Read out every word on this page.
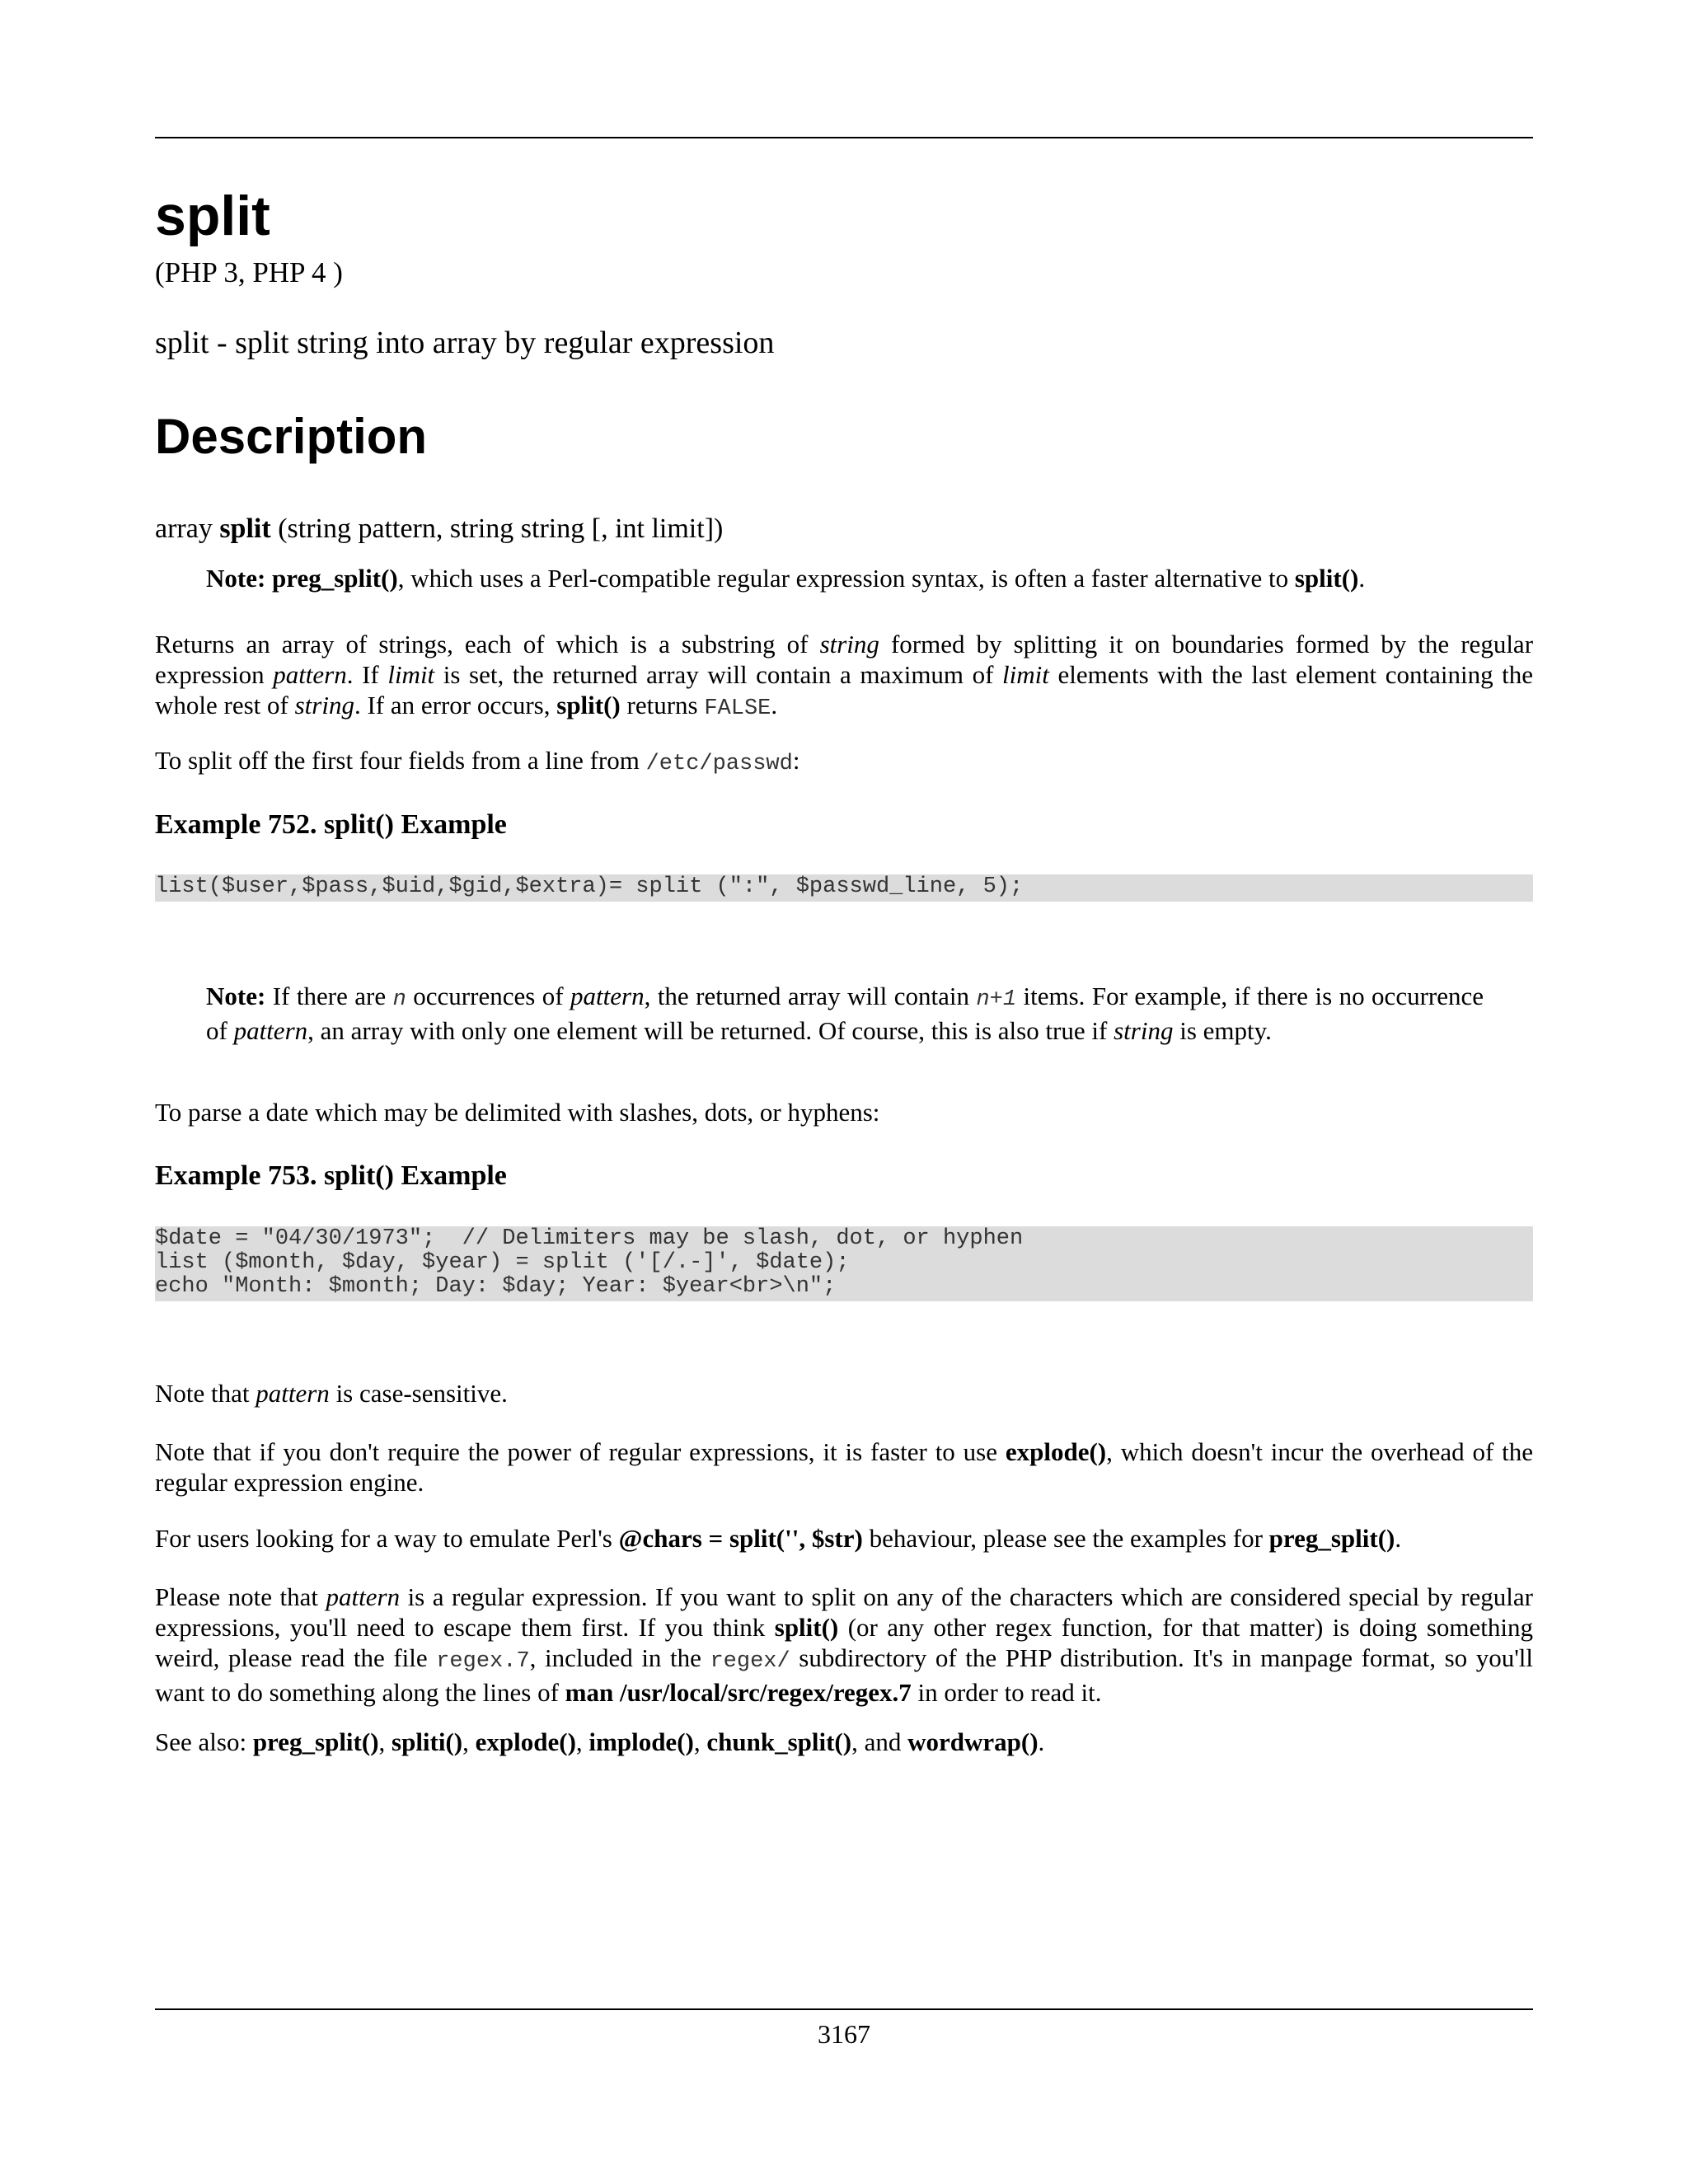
split
(PHP 3, PHP 4 )
split - split string into array by regular expression
Description
array split (string pattern, string string [, int limit])
Note: preg_split(), which uses a Perl-compatible regular expression syntax, is often a faster alternative to split().
Returns an array of strings, each of which is a substring of string formed by splitting it on boundaries formed by the regular expression pattern. If limit is set, the returned array will contain a maximum of limit elements with the last element containing the whole rest of string. If an error occurs, split() returns FALSE.
To split off the first four fields from a line from /etc/passwd:
Example 752. split() Example
list($user,$pass,$uid,$gid,$extra)= split (":", $passwd_line, 5);
Note: If there are n occurrences of pattern, the returned array will contain n+1 items. For example, if there is no occurrence of pattern, an array with only one element will be returned. Of course, this is also true if string is empty.
To parse a date which may be delimited with slashes, dots, or hyphens:
Example 753. split() Example
$date = "04/30/1973";  // Delimiters may be slash, dot, or hyphen
list ($month, $day, $year) = split ('[/.-]', $date);
echo "Month: $month; Day: $day; Year: $year<br>\n";
Note that pattern is case-sensitive.
Note that if you don't require the power of regular expressions, it is faster to use explode(), which doesn't incur the overhead of the regular expression engine.
For users looking for a way to emulate Perl's @chars = split('', $str) behaviour, please see the examples for preg_split().
Please note that pattern is a regular expression. If you want to split on any of the characters which are considered special by regular expressions, you'll need to escape them first. If you think split() (or any other regex function, for that matter) is doing something weird, please read the file regex.7, included in the regex/ subdirectory of the PHP distribution. It's in manpage format, so you'll want to do something along the lines of man /usr/local/src/regex/regex.7 in order to read it.
See also: preg_split(), spliti(), explode(), implode(), chunk_split(), and wordwrap().
3167
